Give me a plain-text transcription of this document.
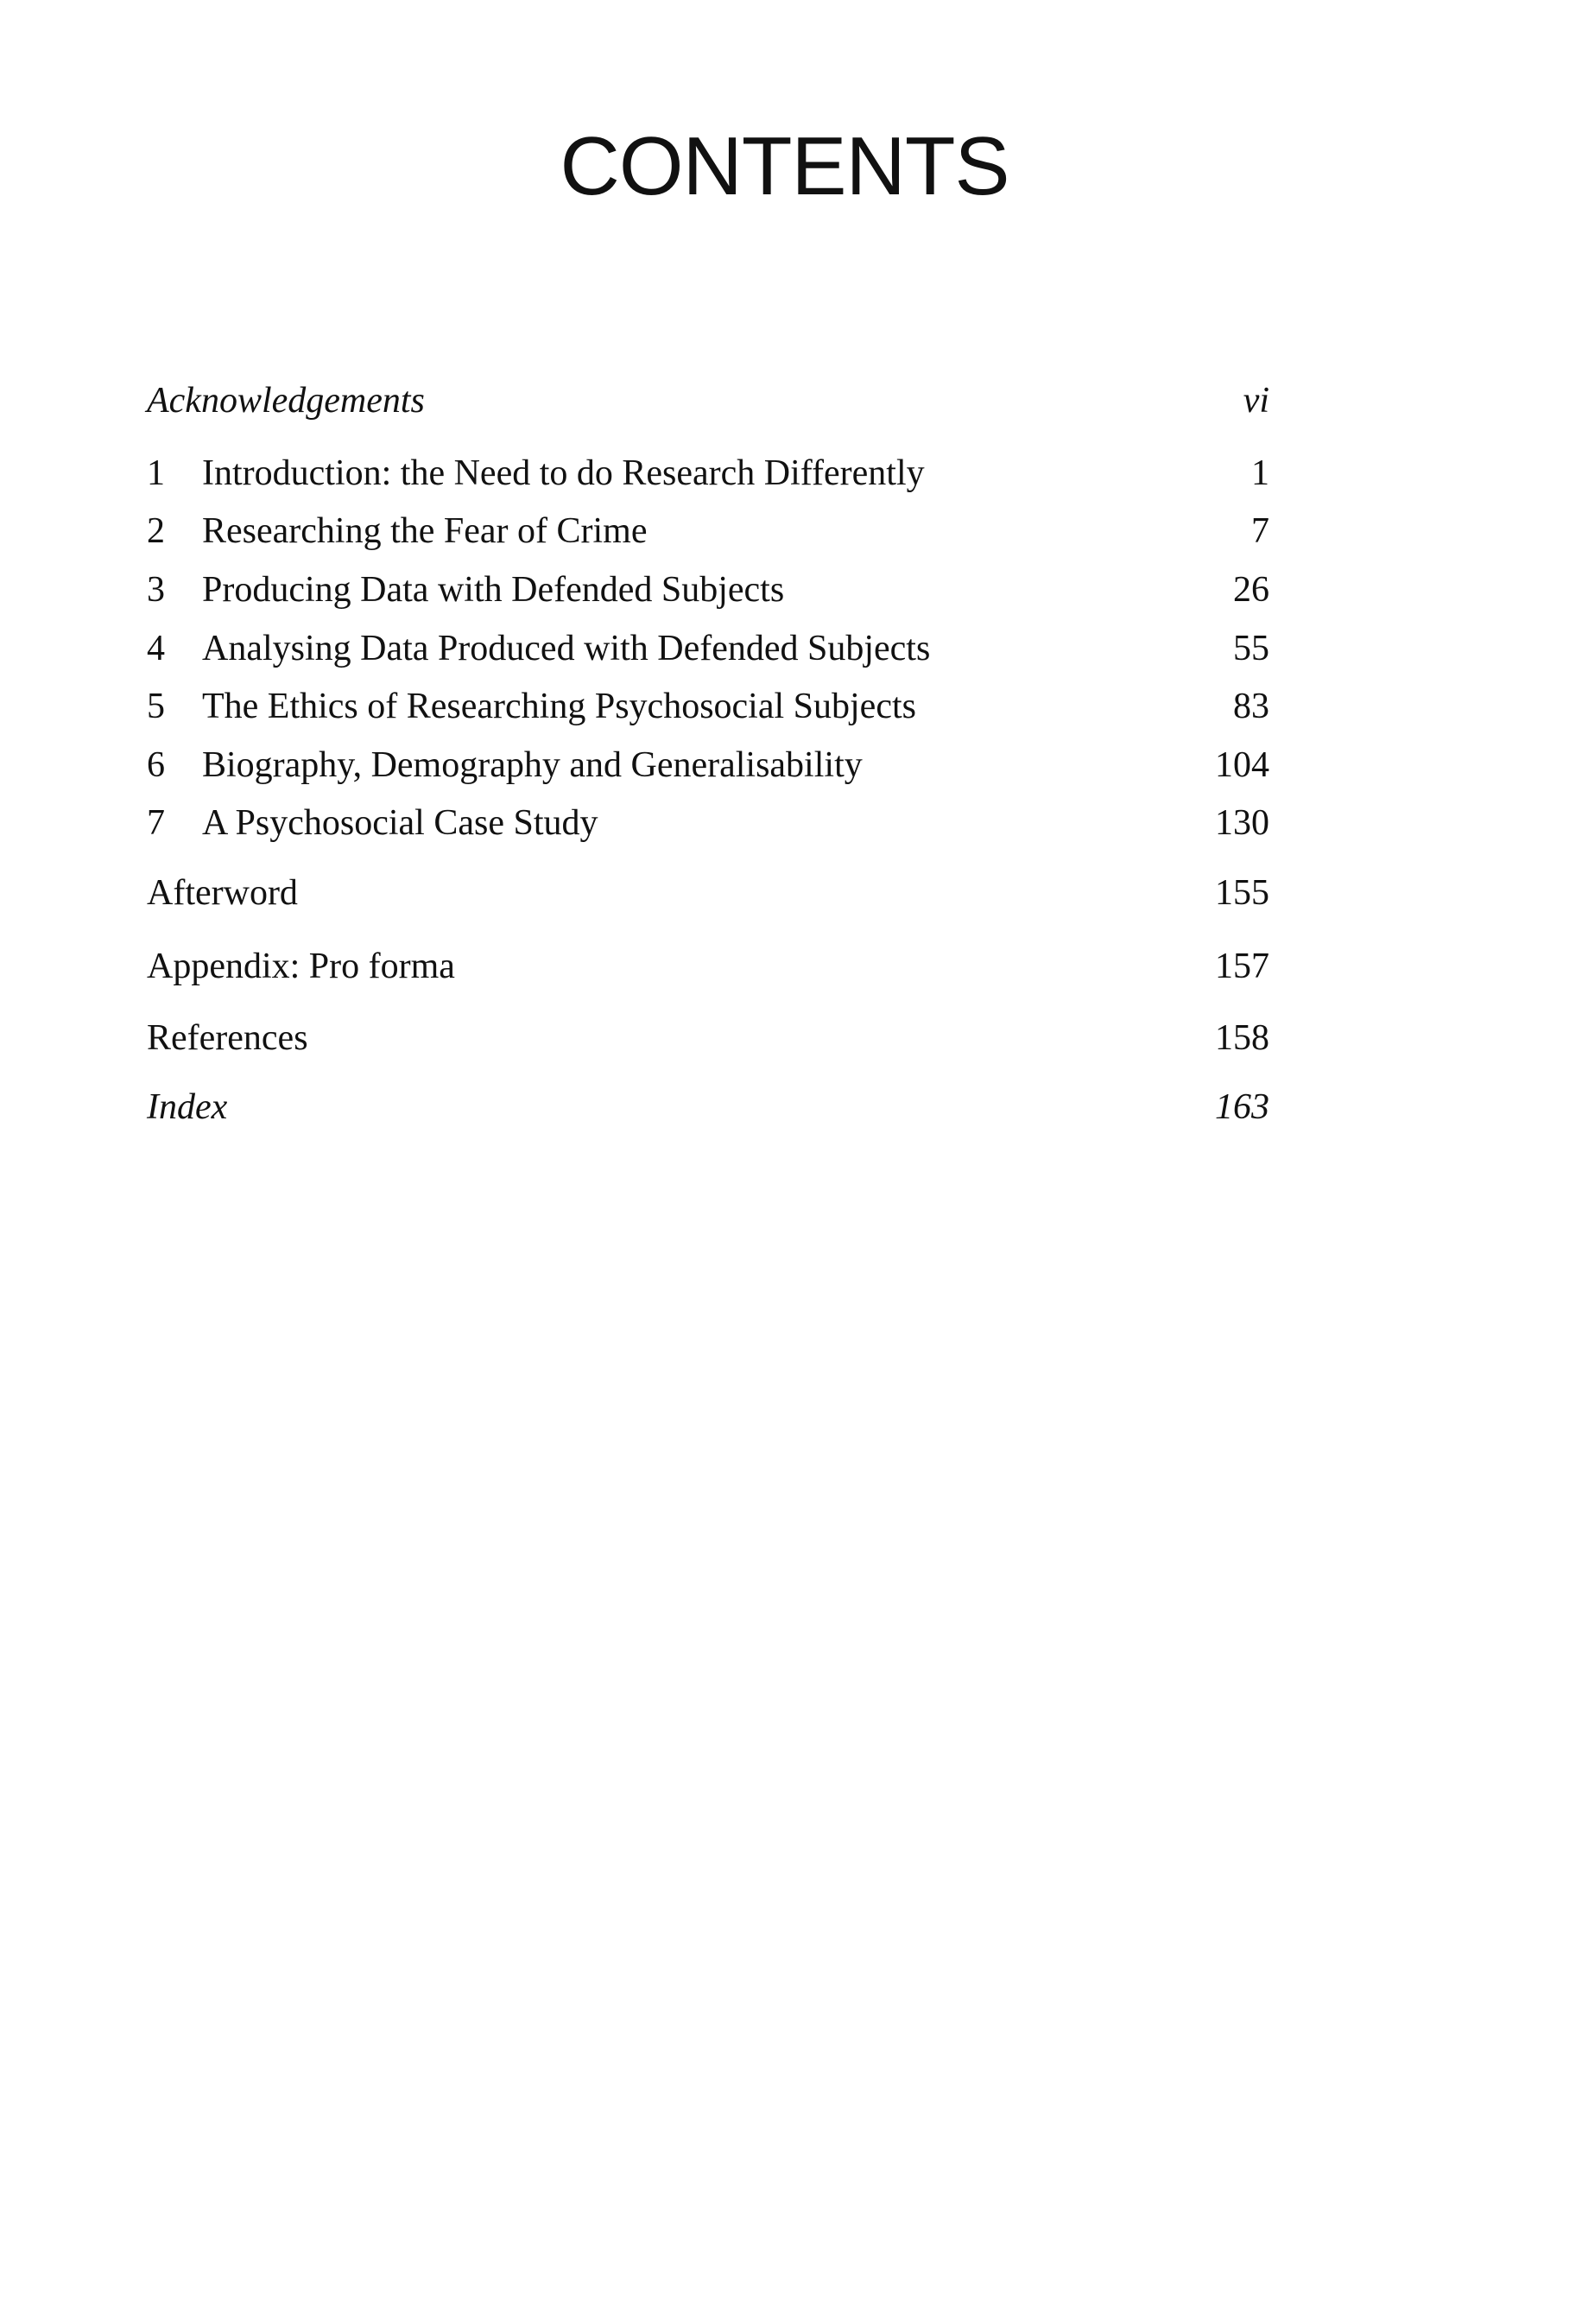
CONTENTS
Acknowledgements	vi
1 Introduction: the Need to do Research Differently	1
2 Researching the Fear of Crime	7
3 Producing Data with Defended Subjects	26
4 Analysing Data Produced with Defended Subjects	55
5 The Ethics of Researching Psychosocial Subjects	83
6 Biography, Demography and Generalisability	104
7 A Psychosocial Case Study	130
Afterword	155
Appendix: Pro forma	157
References	158
Index	163
